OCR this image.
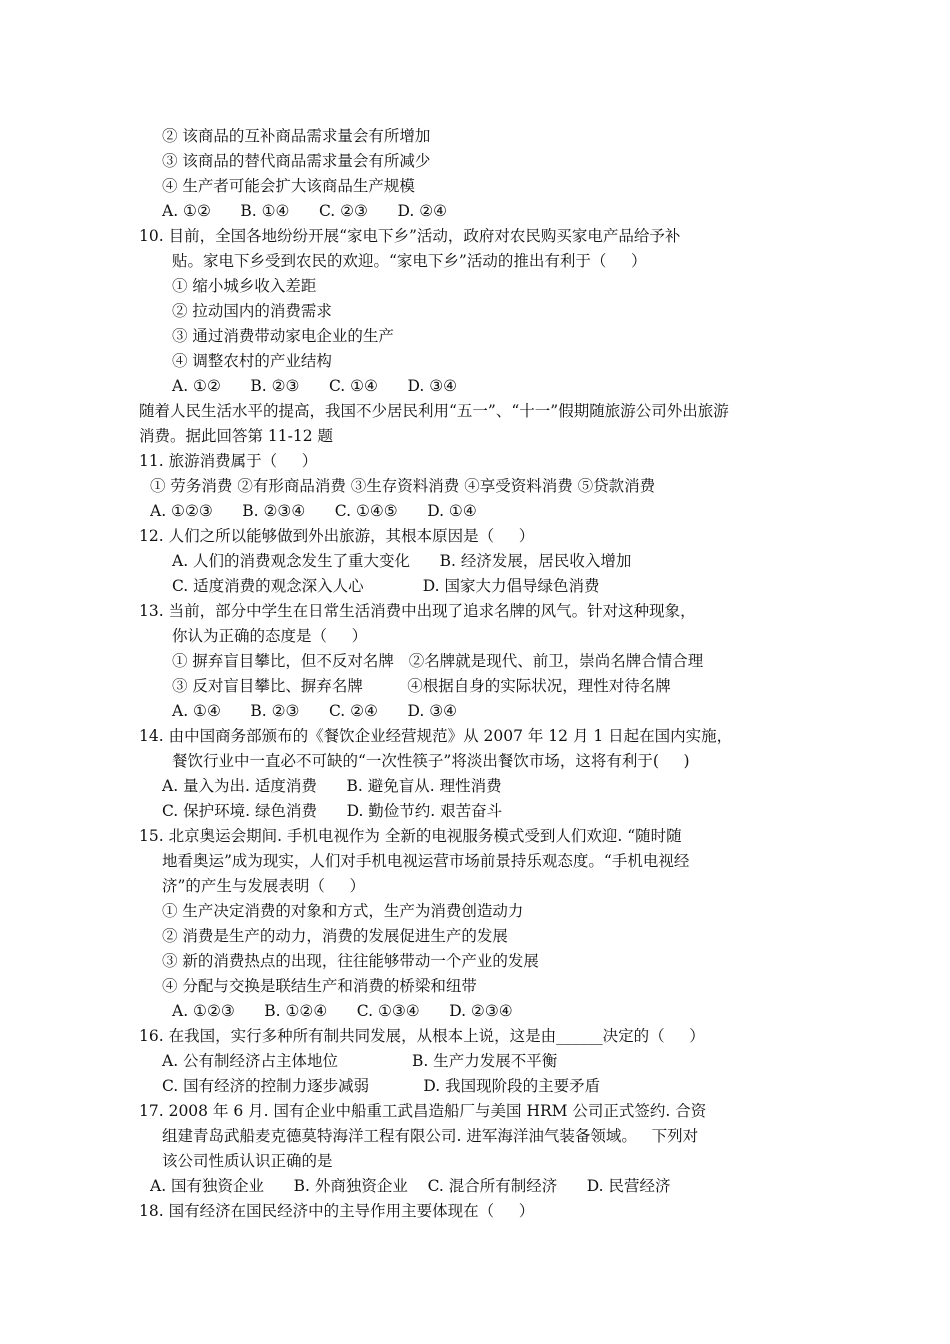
② 该商品的互补商品需求量会有所增加
③ 该商品的替代商品需求量会有所减少
④ 生产者可能会扩大该商品生产规模
A. ①②      B. ①④      C. ②③      D. ②④
10. 目前，全国各地纷纷开展“家电下乡”活动，政府对农民购买家电产品给予补
贴。家电下乡受到农民的欢迎。“家电下乡”活动的推出有利于（     ）
① 缩小城乡收入差距
② 拉动国内的消费需求
③ 通过消费带动家电企业的生产
④ 调整农村的产业结构
A. ①②      B. ②③      C. ①④      D. ③④
随着人民生活水平的提高，我国不少居民利用“五一”、“十一”假期随旅游公司外出旅游
消费。据此回答第 11-12 题
11. 旅游消费属于（     ）
① 劳务消费 ②有形商品消费 ③生存资料消费 ④享受资料消费 ⑤贷款消费
A. ①②③      B. ②③④      C. ①④⑤      D. ①④
12. 人们之所以能够做到外出旅游，其根本原因是（     ）
A. 人们的消费观念发生了重大变化      B. 经济发展，居民收入增加
C. 适度消费的观念深入人心            D. 国家大力倡导绿色消费
13. 当前，部分中学生在日常生活消费中出现了追求名牌的风气。针对这种现象，
你认为正确的态度是（     ）
① 摒弃盲目攀比，但不反对名牌   ②名牌就是现代、前卫，崇尚名牌合情合理
③ 反对盲目攀比、摒弃名牌         ④根据自身的实际状况，理性对待名牌
A. ①④      B. ②③      C. ②④      D. ③④
14. 由中国商务部颁布的《餐饮企业经营规范》从 2007 年 12 月 1 日起在国内实施，
餐饮行业中一直必不可缺的“一次性筷子”将淡出餐饮市场，这将有利于(     )
A. 量入为出. 适度消费      B. 避免盲从. 理性消费
C. 保护环境. 绿色消费      D. 勤俭节约. 艰苦奋斗
15. 北京奥运会期间. 手机电视作为 全新的电视服务模式受到人们欢迎. “随时随
地看奥运”成为现实，人们对手机电视运营市场前景持乐观态度。“手机电视经
济”的产生与发展表明（     ）
① 生产决定消费的对象和方式，生产为消费创造动力
② 消费是生产的动力，消费的发展促进生产的发展
③ 新的消费热点的出现，往往能够带动一个产业的发展
④ 分配与交换是联结生产和消费的桥梁和纽带
A. ①②③      B. ①②④      C. ①③④      D. ②③④
16. 在我国，实行多种所有制共同发展，从根本上说，这是由______决定的（     ）
A. 公有制经济占主体地位               B. 生产力发展不平衡
C. 国有经济的控制力逐步减弱           D. 我国现阶段的主要矛盾
17. 2008 年 6 月. 国有企业中船重工武昌造船厂与美国 HRM 公司正式签约. 合资
组建青岛武船麦克德莫特海洋工程有限公司. 进军海洋油气装备领域。   下列对
该公司性质认识正确的是
A. 国有独资企业      B. 外商独资企业    C. 混合所有制经济      D. 民营经济
18. 国有经济在国民经济中的主导作用主要体现在（     ）
